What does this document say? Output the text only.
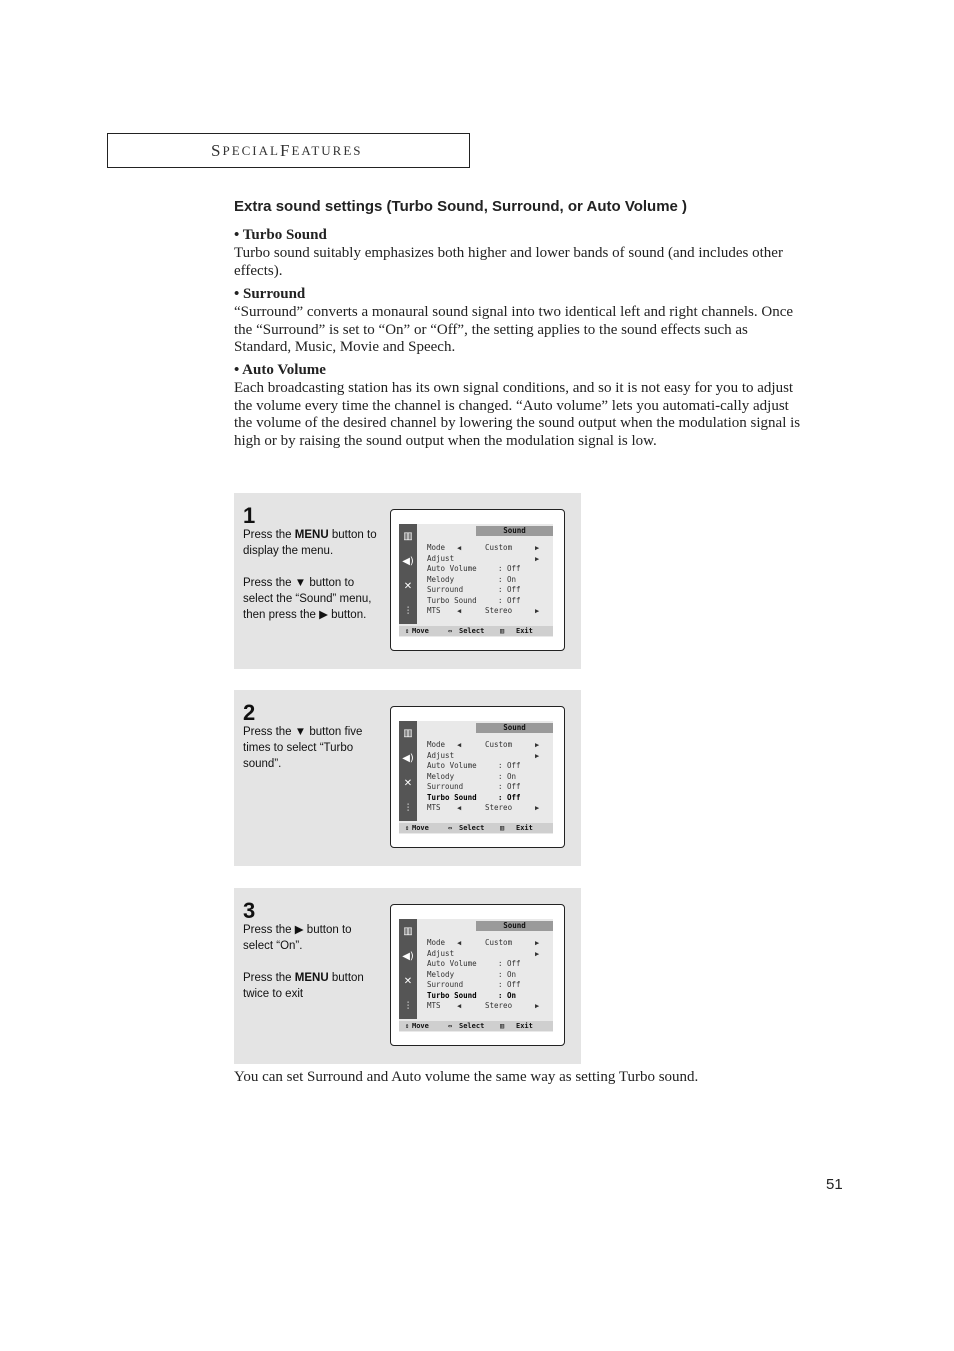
S PECIAL F EATURES
Extra sound settings (Turbo Sound, Surround, or Auto Volume )
• Turbo Sound
Turbo sound suitably emphasizes both higher and lower bands of sound (and includes other effects).
• Surround
“Surround” converts a monaural sound signal into two identical left and right channels. Once the “Surround” is set to “On” or “Off”, the setting applies to the sound effects such as Standard, Music, Movie and Speech.
• Auto Volume
Each broadcasting station has its own signal conditions, and so it is not easy for you to adjust the volume every time the channel is changed. “Auto volume” lets you automati-cally adjust the volume of the desired channel by lowering the sound output when the modulation signal is high or by raising the sound output when the modulation signal is low.
1
Press the MENU button to display the menu.
Press the ▼ button to select the “Sound” menu, then press the ▶ button.
▥
◀)
✕
⫶
Sound
Mode ◀	Custom	▶
Adjust	▶
Auto Volume	: Off
Melody	: On
Surround	: Off
Turbo Sound	: Off
MTS ◀	Stereo	▶
⇕ Move	⇔ Select ▥ Exit
2
Press the ▼ button five times to select “Turbo sound”.
▥
◀)
✕
⫶
Sound
Mode ◀	Custom	▶
Adjust	▶
Auto Volume	: Off
Melody	: On
Surround	: Off
Turbo Sound	: Off
MTS ◀	Stereo	▶
⇕ Move	⇔ Select ▥ Exit
3
Press the ▶ button to select “On”.
Press the MENU button twice to exit
▥
◀)
✕
⫶
Sound
Mode ◀	Custom	▶
Adjust	▶
Auto Volume	: Off
Melody	: On
Surround	: Off
Turbo Sound	: On
MTS ◀	Stereo	▶
⇕ Move	⇔ Select ▥ Exit
You can set Surround and Auto volume the same way as setting Turbo sound.
51
